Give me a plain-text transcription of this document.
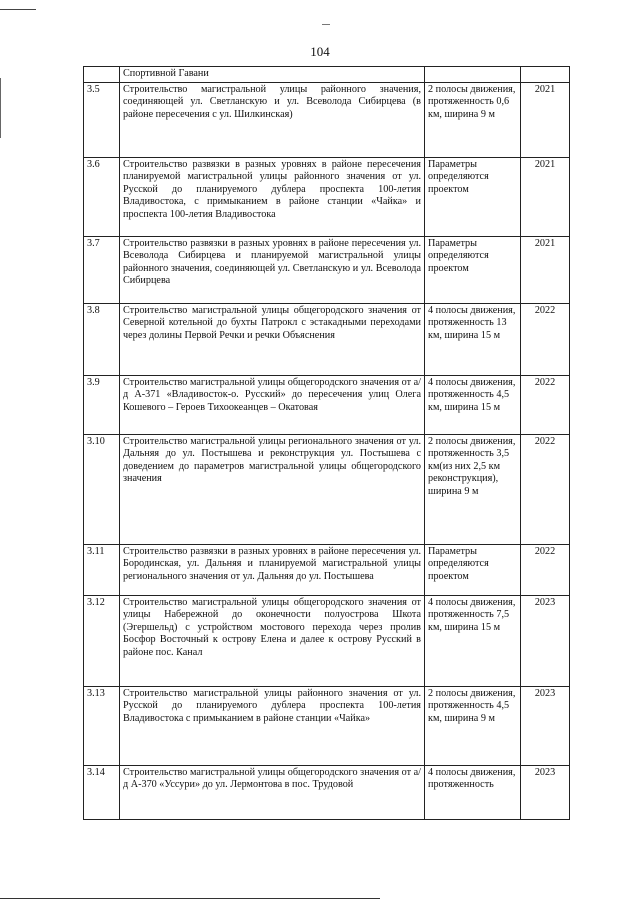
104
	Спортивной Гавани		
3.5	Строительство магистральной улицы районного значения, соединяющей ул. Светланскую и ул. Всеволода Сибирцева (в районе пересечения с ул. Шилкинская)	2 полосы движения, протяженность 0,6 км, ширина 9 м	2021
3.6	Строительство развязки в разных уровнях в районе пересечения планируемой магистральной улицы районного значения от ул. Русской до планируемого дублера проспекта 100-летия Владивостока, с примыканием в районе станции «Чайка» и проспекта 100-летия Владивостока	Параметры определяются проектом	2021
3.7	Строительство развязки в разных уровнях в районе пересечения ул. Всеволода Сибирцева и планируемой магистральной улицы районного значения, соединяющей ул. Светланскую и ул. Всеволода Сибирцева	Параметры определяются проектом	2021
3.8	Строительство магистральной улицы общегородского значения от Северной котельной до бухты Патрокл с эстакадными переходами через долины Первой Речки и речки Объяснения	4 полосы движения, протяженность 13 км, ширина 15 м	2022
3.9	Строительство магистральной улицы общегородского значения от а/д А-371 «Владивосток-о. Русский» до пересечения улиц Олега Кошевого – Героев Тихоокеанцев – Окатовая	4 полосы движения, протяженность 4,5 км, ширина 15 м	2022
3.10	Строительство магистральной улицы регионального значения от ул. Дальняя до ул. Постышева и реконструкция ул. Постышева с доведением до параметров магистральной улицы общегородского значения	2 полосы движения, протяженность 3,5 км(из них 2,5 км реконструкция), ширина 9 м	2022
3.11	Строительство развязки в разных уровнях в районе пересечения ул. Бородинская, ул. Дальняя и планируемой магистральной улицы регионального значения от ул. Дальняя до ул. Постышева	Параметры определяются проектом	2022
3.12	Строительство магистральной улицы общегородского значения от улицы Набережной до оконечности полуострова Шкота (Эгершельд) с устройством мостового перехода через пролив Босфор Восточный к острову Елена и далее к острову Русский в районе пос. Канал	4 полосы движения, протяженность 7,5 км, ширина 15 м	2023
3.13	Строительство магистральной улицы районного значения от ул. Русской до планируемого дублера проспекта 100-летия Владивостока с примыканием в районе станции «Чайка»	2 полосы движения, протяженность 4,5 км, ширина 9 м	2023
3.14	Строительство магистральной улицы общегородского значения от а/д А-370 «Уссури» до ул. Лермонтова в пос. Трудовой	4 полосы движения, протяженность	2023
